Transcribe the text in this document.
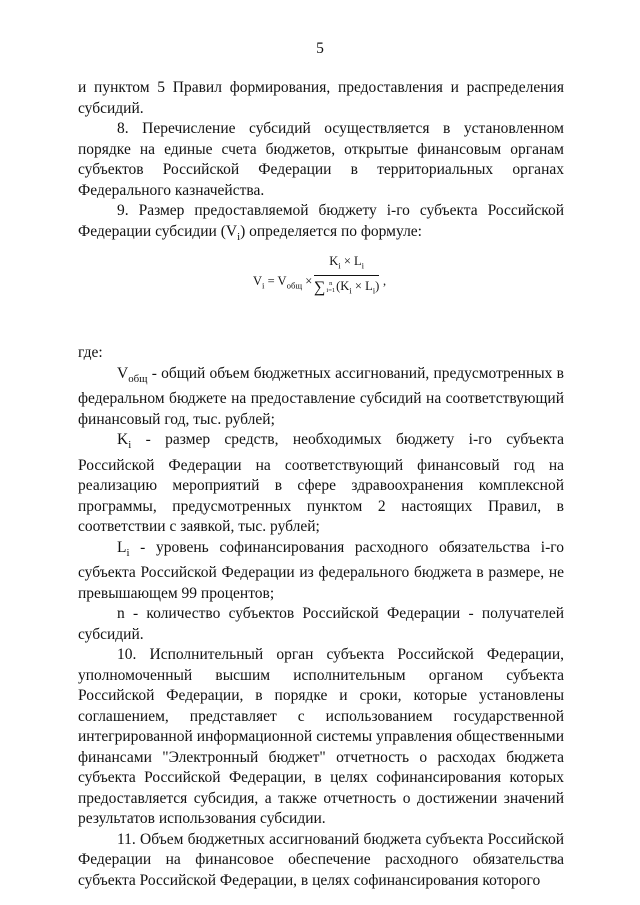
5

и пунктом 5 Правил формирования, предоставления и распределения субсидий.

8. Перечисление субсидий осуществляется в установленном порядке на единые счета бюджетов, открытые финансовым органам субъектов Российской Федерации в территориальных органах Федерального казначейства.

9. Размер предоставляемой бюджету i-го субъекта Российской Федерации субсидии $(V_i)$ определяется по формуле:

$V_i = V_{общ}$ ×
$K_i \times L_i$
∑ n
$i=1(K_i \times L_i)$ ,

где:

$V_{общ}$ - общий объем бюджетных ассигнований, предусмотренных в федеральном бюджете на предоставление субсидий на соответствующий финансовый год, тыс. рублей;

$K_i$ - размер средств, необходимых бюджету i-го субъекта Российской Федерации на соответствующий финансовый год на реализацию мероприятий в сфере здравоохранения комплексной программы, предусмотренных пунктом 2 настоящих Правил, в соответствии с заявкой, тыс. рублей;

$L_i$ - уровень софинансирования расходного обязательства i-го субъекта Российской Федерации из федерального бюджета в размере, не превышающем 99 процентов;

n - количество субъектов Российской Федерации - получателей субсидий.

10. Исполнительный орган субъекта Российской Федерации, уполномоченный высшим исполнительным органом субъекта Российской Федерации, в порядке и сроки, которые установлены соглашением, представляет с использованием государственной интегрированной информационной системы управления общественными финансами "Электронный бюджет" отчетность о расходах бюджета субъекта Российской Федерации, в целях софинансирования которых предоставляется субсидия, а также отчетность о достижении значений результатов использования субсидии.

11. Объем бюджетных ассигнований бюджета субъекта Российской Федерации на финансовое обеспечение расходного обязательства субъекта Российской Федерации, в целях софинансирования которого
